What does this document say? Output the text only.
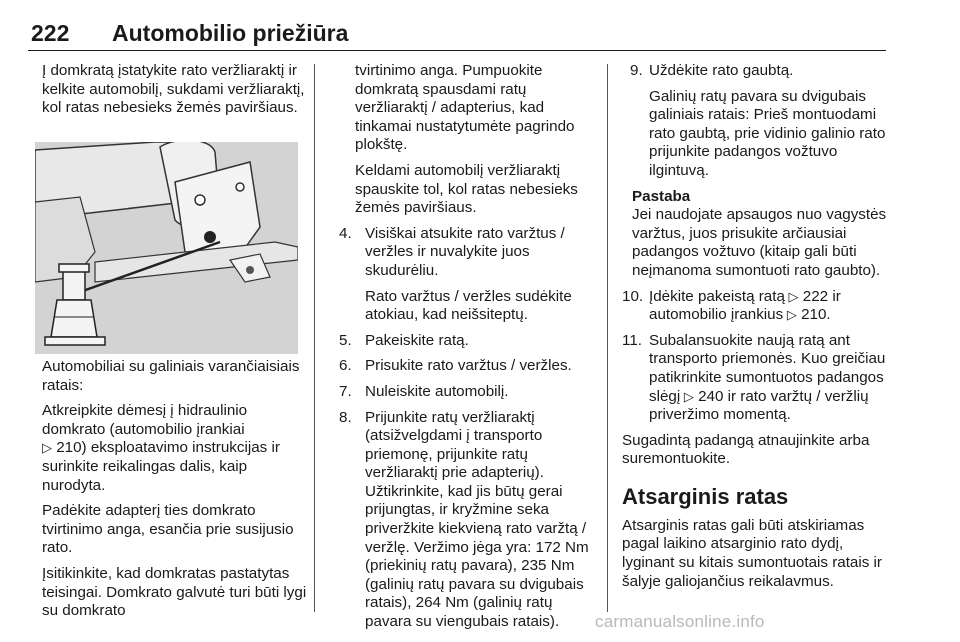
222 Automobilio priežiūra

Į domkratą įstatykite rato veržliaraktį ir kelkite automobilį, sukdami veržliaraktį, kol ratas nebesieks žemės paviršiaus.

Automobiliai su galiniais varančiaisiais ratais:

Atkreipkite dėmesį į hidraulinio domkrato (automobilio įrankiai
▷ 210) eksploatavimo instrukcijas ir surinkite reikalingas dalis, kaip nurodyta.

Padėkite adapterį ties domkrato tvirtinimo anga, esančia prie susijusio rato.

Įsitikinkite, kad domkratas pastatytas teisingai. Domkrato galvutė turi būti lygi su domkrato

tvirtinimo anga. Pumpuokite domkratą spausdami ratų veržliaraktį / adapterius, kad tinkamai nustatytumėte pagrindo plokštę.

Keldami automobilį veržliaraktį spauskite tol, kol ratas nebesieks žemės paviršiaus.

4. Visiškai atsukite rato varžtus / veržles ir nuvalykite juos skudurėliu.
Rato varžtus / veržles sudėkite atokiau, kad neišsiteptų.
5. Pakeiskite ratą.
6. Prisukite rato varžtus / veržles.
7. Nuleiskite automobilį.
8. Prijunkite ratų veržliaraktį (atsižvelgdami į transporto priemonę, prijunkite ratų veržliaraktį prie adapterių). Užtikrinkite, kad jis būtų gerai prijungtas, ir kryžmine seka priveržkite kiekvieną rato varžtą / veržlę. Veržimo jėga yra: 172 Nm (priekinių ratų pavara), 235 Nm (galinių ratų pavara su dvigubais ratais), 264 Nm (galinių ratų pavara su viengubais ratais).
9. Uždėkite rato gaubtą.
Galinių ratų pavara su dvigubais galiniais ratais: Prieš montuodami rato gaubtą, prie vidinio galinio rato prijunkite padangos vožtuvo ilgintuvą.
Pastaba

Jei naudojate apsaugos nuo vagystės varžtus, juos prisukite arčiausiai padangos vožtuvo (kitaip gali būti neįmanoma sumontuoti rato gaubto).

10. Įdėkite pakeistą ratą ▷ 222 ir automobilio įrankius ▷ 210.
11. Subalansuokite naują ratą ant transporto priemonės. Kuo greičiau patikrinkite sumontuotos padangos slėgį ▷ 240 ir rato varžtų / veržlių priveržimo momentą.

Sugadintą padangą atnaujinkite arba suremontuokite.

Atsarginis ratas

Atsarginis ratas gali būti atskiriamas pagal laikino atsarginio rato dydį, lyginant su kitais sumontuotais ratais ir šalyje galiojančius reikalavmus.

carmanualsonline.info
